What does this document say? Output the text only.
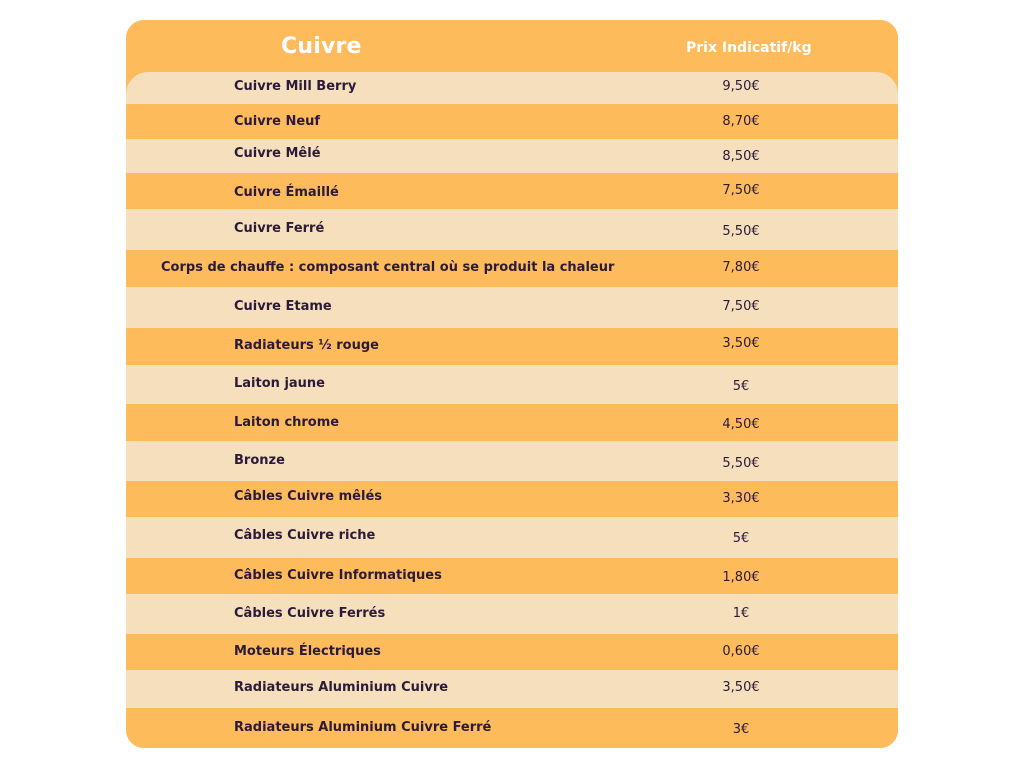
Cuivre	Prix Indicatif/kg
Cuivre Mill Berry	9,50€
Cuivre Neuf	8,70€
Cuivre Mêlé	8,50€
Cuivre Émaillé	7,50€
Cuivre Ferré	5,50€
Corps de chauffe : composant central où se produit la chaleur	7,80€
Cuivre Etame	7,50€
Radiateurs ½ rouge	3,50€
Laiton jaune	5€
Laiton chrome	4,50€
Bronze	5,50€
Câbles Cuivre mêlés	3,30€
Câbles Cuivre riche	5€
Câbles Cuivre Informatiques	1,80€
Câbles Cuivre Ferrés	1€
Moteurs Électriques	0,60€
Radiateurs Aluminium Cuivre	3,50€
Radiateurs Aluminium Cuivre Ferré	3€
